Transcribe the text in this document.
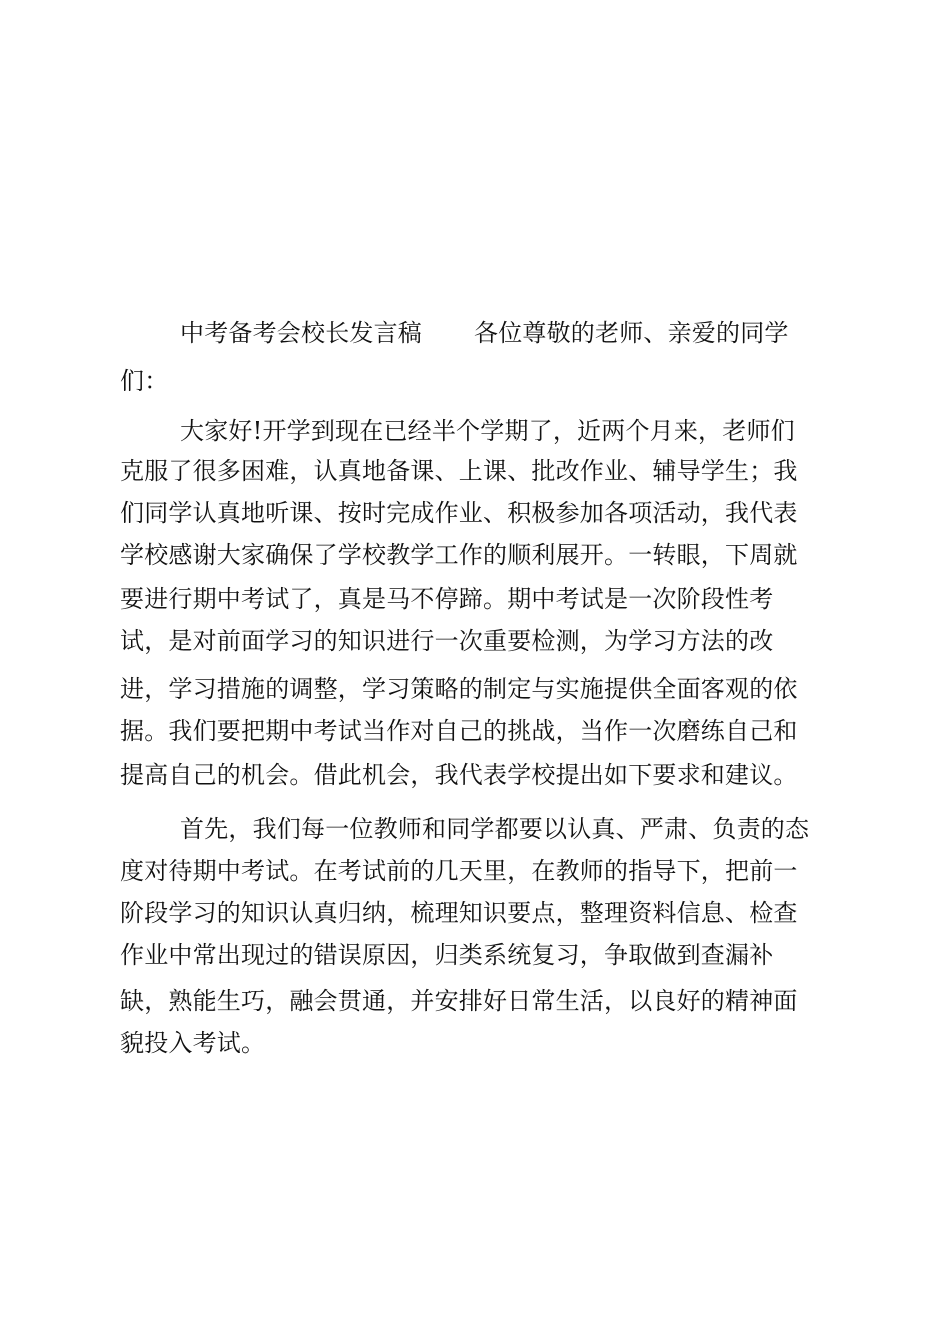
中考备考会校长发言稿 各位尊敬的老师、亲爱的同学
们：
大家好!开学到现在已经半个学期了，近两个月来，老师们
克服了很多困难，认真地备课、上课、批改作业、辅导学生；我
们同学认真地听课、按时完成作业、积极参加各项活动，我代表
学校感谢大家确保了学校教学工作的顺利展开。一转眼，下周就
要进行期中考试了，真是马不停蹄。期中考试是一次阶段性考
试，是对前面学习的知识进行一次重要检测，为学习方法的改
进，学习措施的调整，学习策略的制定与实施提供全面客观的依
据。我们要把期中考试当作对自己的挑战，当作一次磨练自己和
提高自己的机会。借此机会，我代表学校提出如下要求和建议。
首先，我们每一位教师和同学都要以认真、严肃、负责的态
度对待期中考试。在考试前的几天里，在教师的指导下，把前一
阶段学习的知识认真归纳，梳理知识要点，整理资料信息、检查
作业中常出现过的错误原因，归类系统复习，争取做到查漏补
缺，熟能生巧，融会贯通，并安排好日常生活，以良好的精神面
貌投入考试。
